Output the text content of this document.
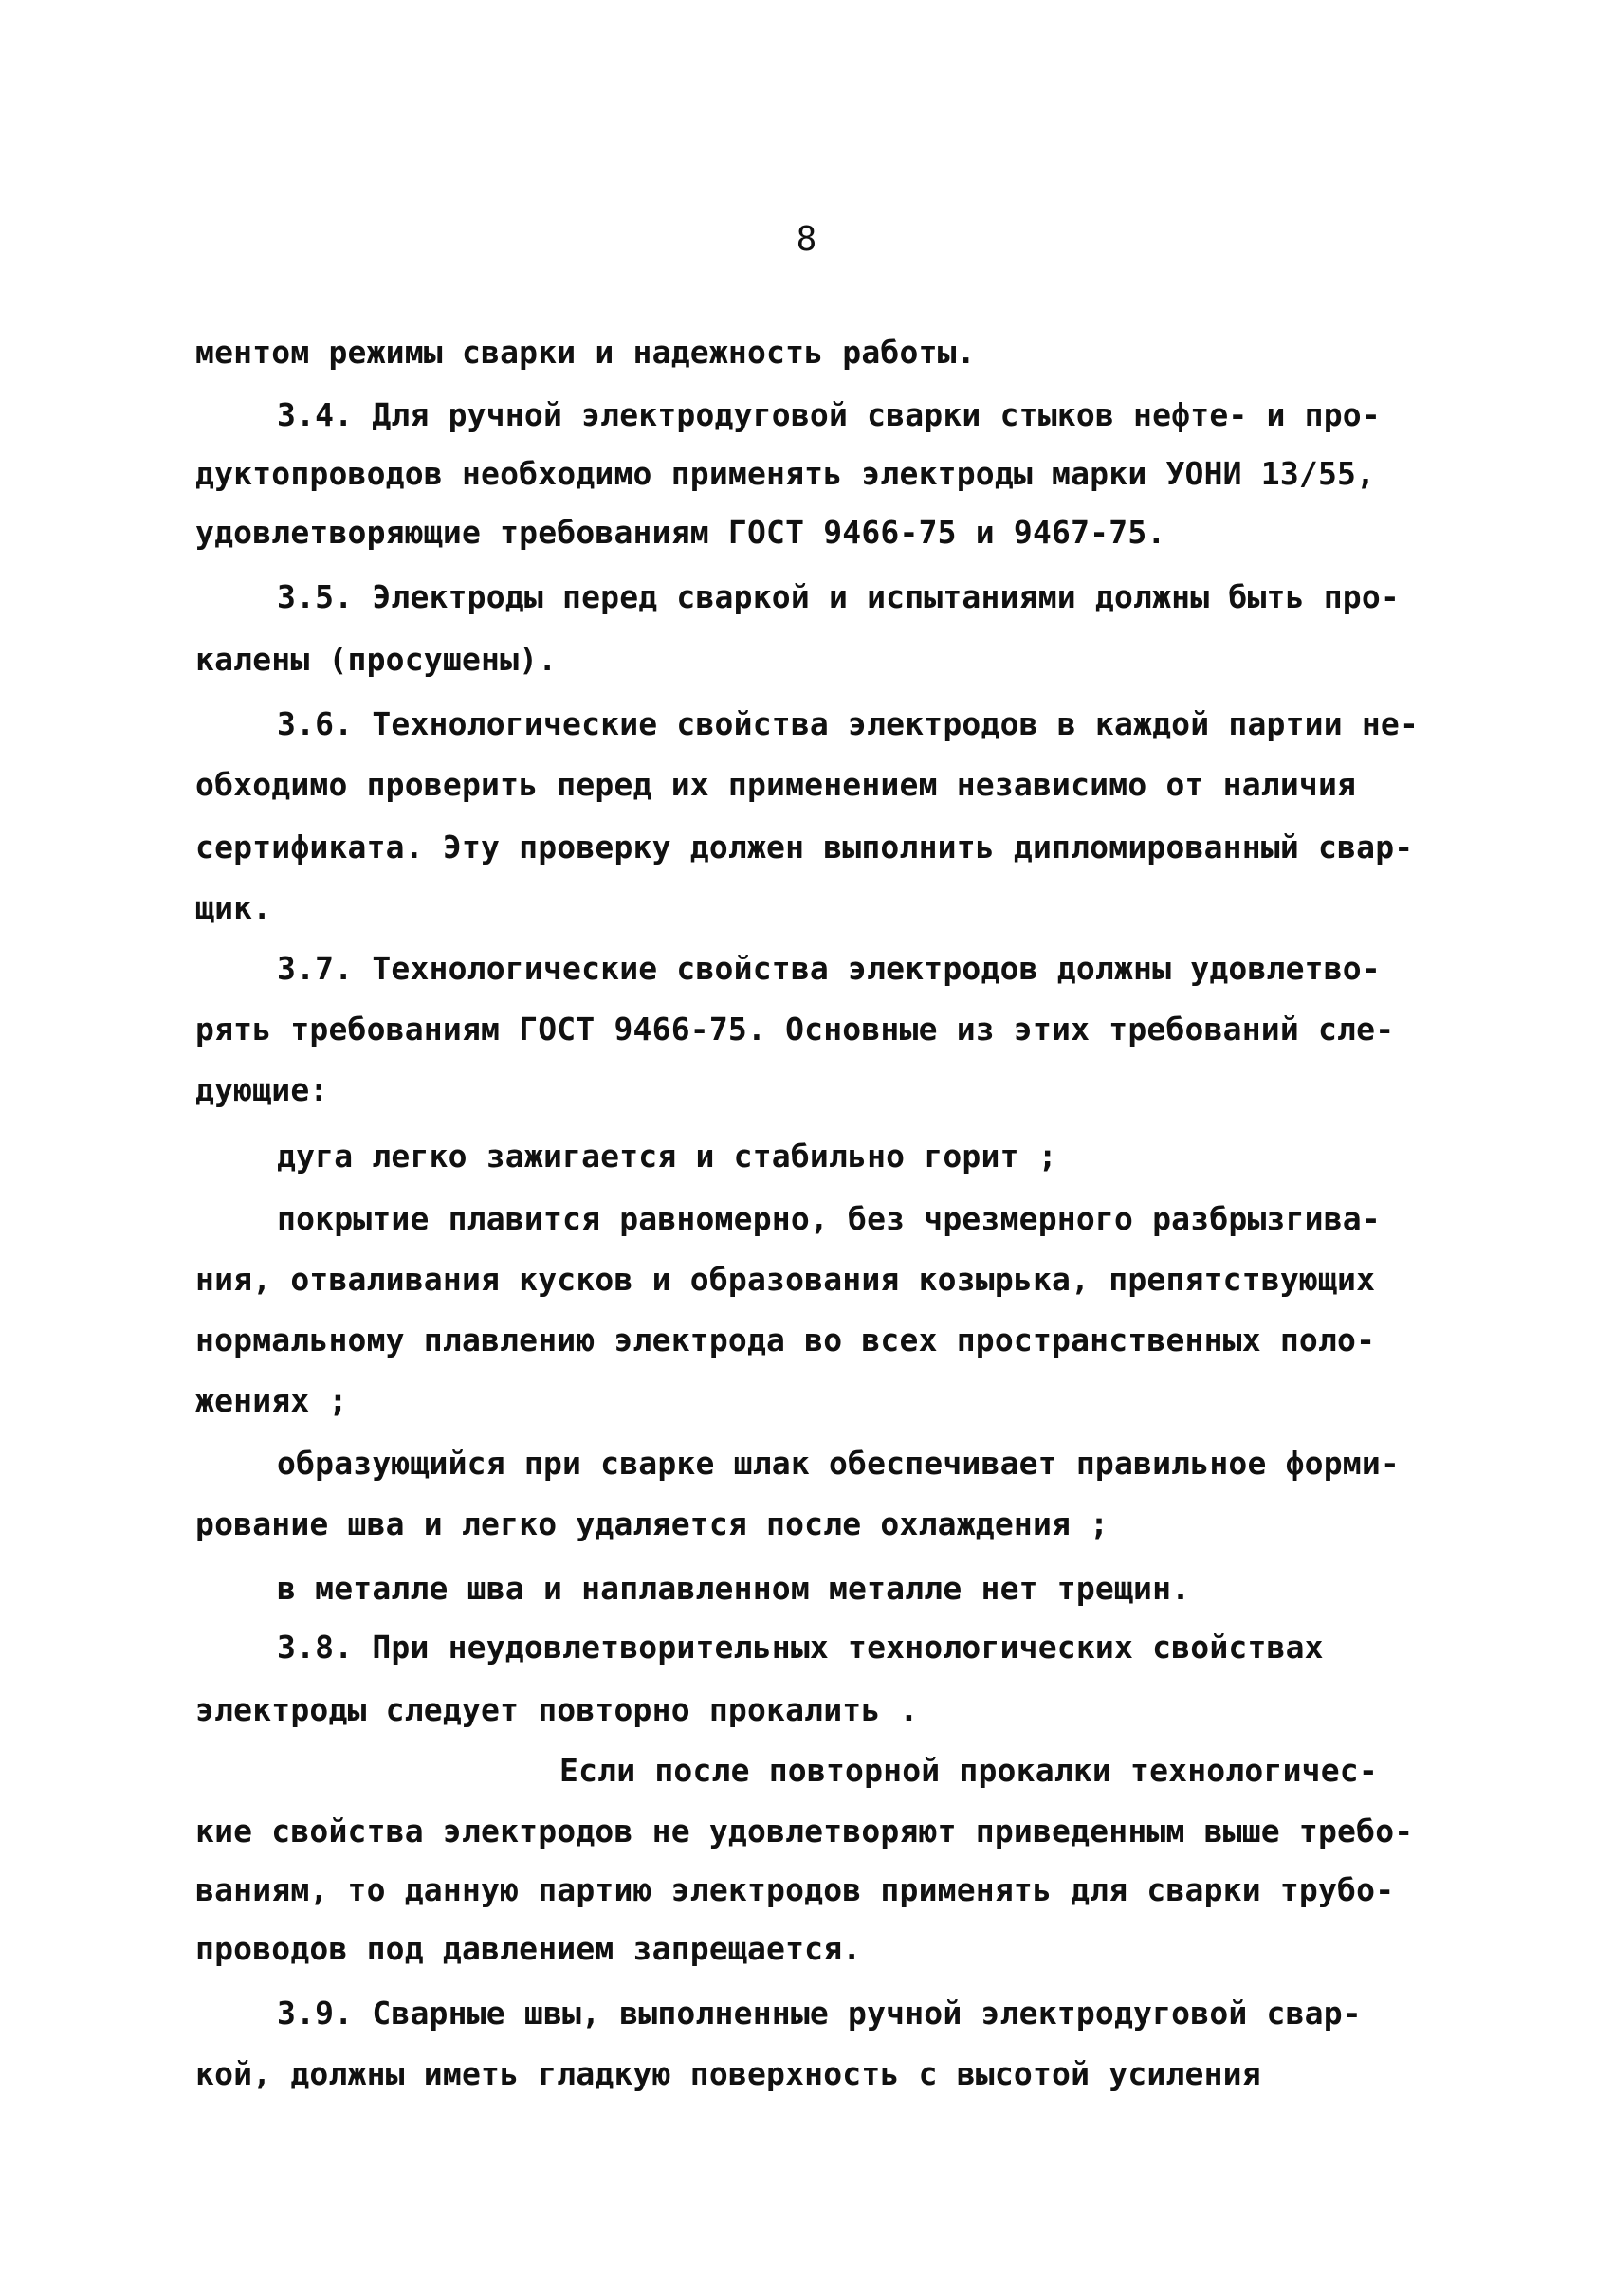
8
ментом режимы сварки и надежность работы.
3.4. Для ручной электродуговой сварки стыков нефте- и про-
дуктопроводов необходимо применять электроды марки УОНИ 13/55,
удовлетворяющие требованиям ГОСТ 9466-75 и 9467-75.
3.5. Электроды перед сваркой и испытаниями должны быть про-
калены (просушены).
3.6. Технологические свойства электродов в каждой партии не-
обходимо проверить перед их применением независимо от наличия
сертификата. Эту проверку должен выполнить дипломированный свар-
щик.
3.7. Технологические свойства электродов должны удовлетво-
рять требованиям ГОСТ 9466-75. Основные из этих требований сле-
дующие:
дуга легко зажигается и стабильно горит ;
покрытие плавится равномерно, без чрезмерного разбрызгива-
ния, отваливания кусков и образования козырька, препятствующих
нормальному плавлению электрода во всех пространственных поло-
жениях ;
образующийся при сварке шлак обеспечивает правильное форми-
рование шва и легко удаляется после охлаждения ;
в металле шва и наплавленном металле нет трещин.
3.8. При неудовлетворительных технологических свойствах
электроды следует повторно прокалить .
Если после повторной прокалки технологичес-
кие свойства электродов не удовлетворяют приведенным выше требо-
ваниям, то данную партию электродов применять для сварки трубо-
проводов под давлением запрещается.
3.9. Сварные швы, выполненные ручной электродуговой свар-
кой, должны иметь гладкую поверхность с высотой усиления
